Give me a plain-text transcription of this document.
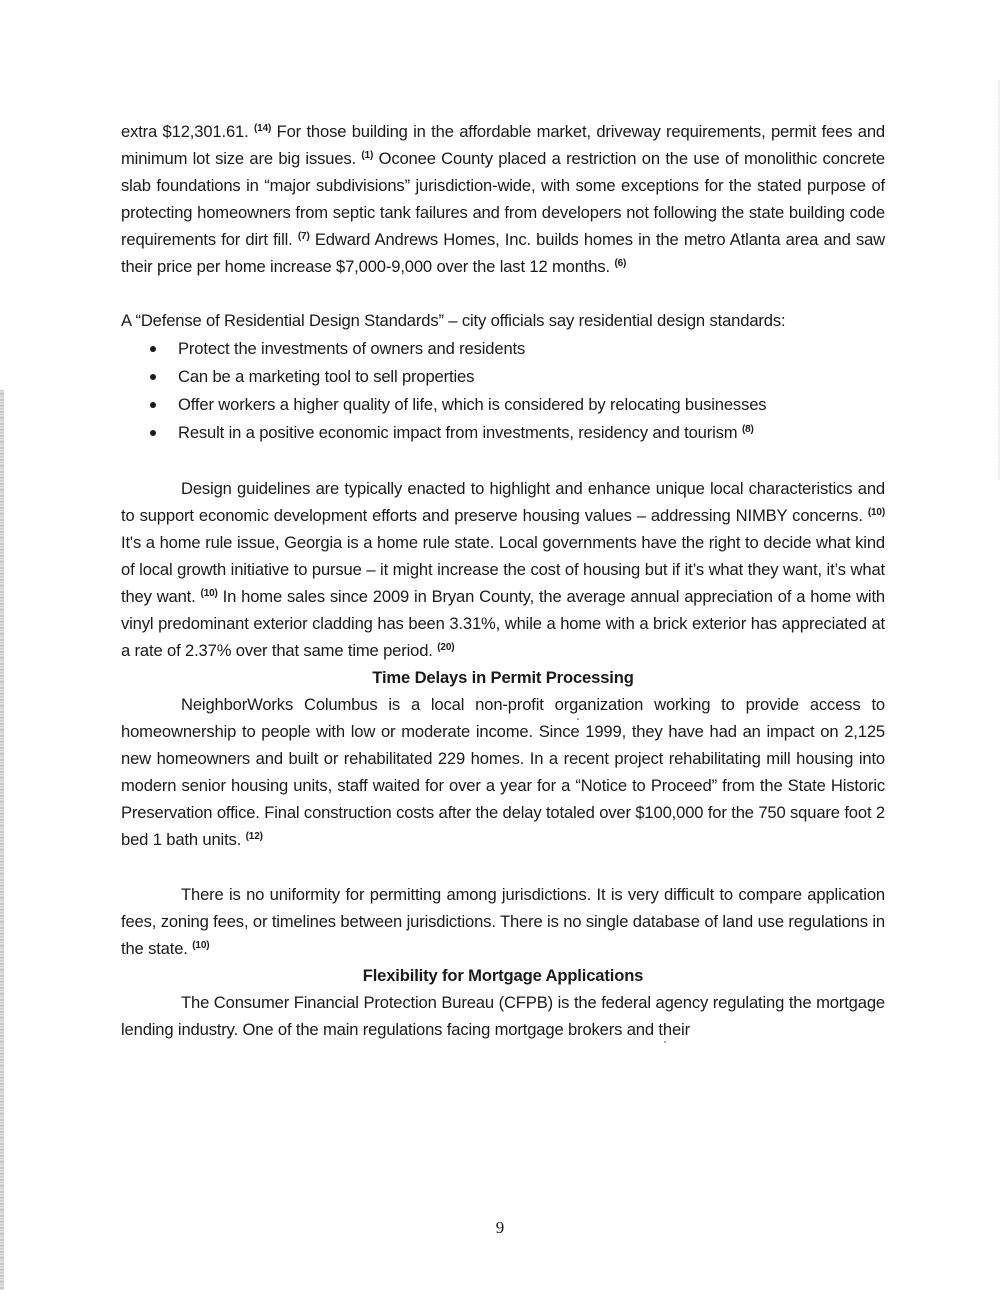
extra $12,301.61. $^{(14)}$ For those building in the affordable market, driveway requirements, permit fees and minimum lot size are big issues. $^{(1)}$ Oconee County placed a restriction on the use of monolithic concrete slab foundations in “major subdivisions” jurisdiction-wide, with some exceptions for the stated purpose of protecting homeowners from septic tank failures and from developers not following the state building code requirements for dirt fill. $^{(7)}$ Edward Andrews Homes, Inc. builds homes in the metro Atlanta area and saw their price per home increase $7,000-9,000 over the last 12 months. $^{(6)}$

A “Defense of Residential Design Standards” – city officials say residential design standards:

Protect the investments of owners and residents
Can be a marketing tool to sell properties
Offer workers a higher quality of life, which is considered by relocating businesses
Result in a positive economic impact from investments, residency and tourism $^{(8)}$

Design guidelines are typically enacted to highlight and enhance unique local characteristics and to support economic development efforts and preserve housing values – addressing NIMBY concerns. $^{(10)}$ It's a home rule issue, Georgia is a home rule state. Local governments have the right to decide what kind of local growth initiative to pursue – it might increase the cost of housing but if it’s what they want, it’s what they want. $^{(10)}$ In home sales since 2009 in Bryan County, the average annual appreciation of a home with vinyl predominant exterior cladding has been 3.31%, while a home with a brick exterior has appreciated at a rate of 2.37% over that same time period. $^{(20)}$

Time Delays in Permit Processing

NeighborWorks Columbus is a local non-profit organization working to provide access to homeownership to people with low or moderate income. Since 1999, they have had an impact on 2,125 new homeowners and built or rehabilitated 229 homes. In a recent project rehabilitating mill housing into modern senior housing units, staff waited for over a year for a “Notice to Proceed” from the State Historic Preservation office. Final construction costs after the delay totaled over $100,000 for the 750 square foot 2 bed 1 bath units. $^{(12)}$

There is no uniformity for permitting among jurisdictions. It is very difficult to compare application fees, zoning fees, or timelines between jurisdictions. There is no single database of land use regulations in the state. $^{(10)}$

Flexibility for Mortgage Applications

The Consumer Financial Protection Bureau (CFPB) is the federal agency regulating the mortgage lending industry. One of the main regulations facing mortgage brokers and their

9
